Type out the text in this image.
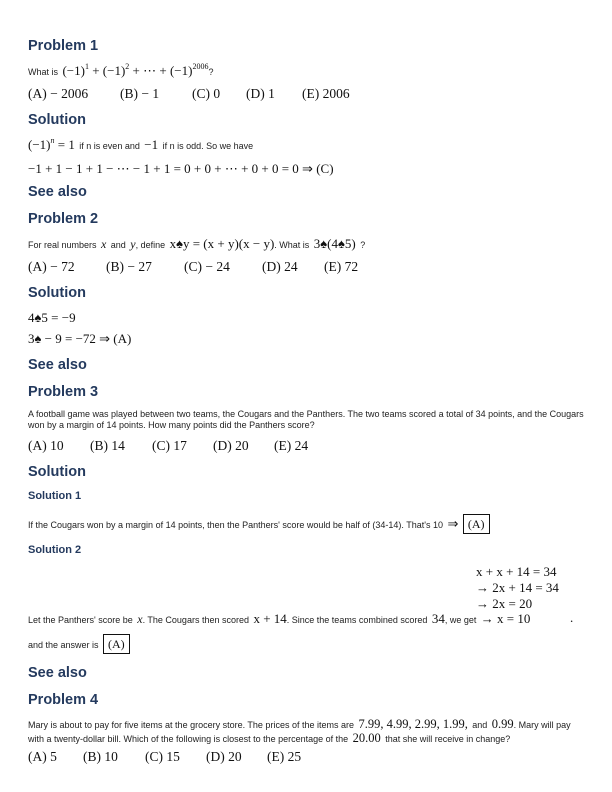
Problem 1
What is $(-1)^1 + (-1)^2$ + ⋯ + $(-1)^{2006}$?
(A) − 2006 (B) − 1 (C) 0 (D) 1 (E) 2006
Solution
$(-1)^n = 1$ if n is even and −1 if n is odd. So we have
−1 + 1 − 1 + 1 − ⋯ − 1 + 1 = 0 + 0 + ⋯ + 0 + 0 = 0 ⇒ (C)
See also
Problem 2
For real numbers x and y, define x♠y = (x + y)(x − y). What is 3♠(4♠5) ?
(A) − 72 (B) − 27 (C) − 24 (D) 24 (E) 72
Solution
4♠5 = −9
3♠ − 9 = −72 ⇒ (A)
See also
Problem 3
A football game was played between two teams, the Cougars and the Panthers. The two teams scored a total of 34 points, and the Cougars won by a margin of 14 points. How many points did the Panthers score?
(A) 10 (B) 14 (C) 17 (D) 20 (E) 24
Solution
Solution 1
If the Cougars won by a margin of 14 points, then the Panthers' score would be half of (34-14). That's 10 ⇒ (A)
Solution 2
x + x + 14 = 34
→ 2x + 14 = 34
→ 2x = 20
Let the Panthers' score be x. The Cougars then scored x + 14. Since the teams combined scored 34, we get → x = 10	.
and the answer is (A)
See also
Problem 4
Mary is about to pay for five items at the grocery store. The prices of the items are 7.99, 4.99, 2.99, 1.99, and 0.99. Mary will pay
with a twenty-dollar bill. Which of the following is closest to the percentage of the 20.00 that she will receive in change?
(A) 5 (B) 10 (C) 15 (D) 20 (E) 25
